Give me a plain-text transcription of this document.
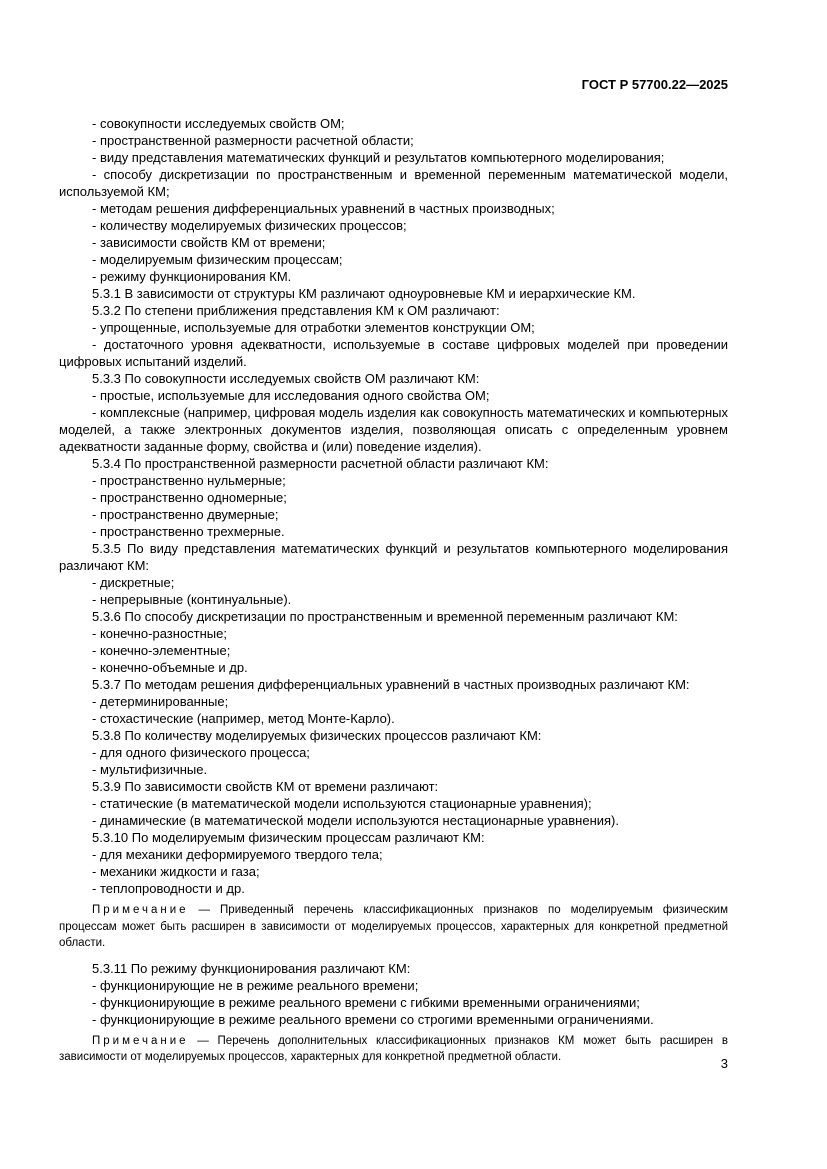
ГОСТ Р 57700.22—2025

- совокупности исследуемых свойств ОМ;

- пространственной размерности расчетной области;

- виду представления математических функций и результатов компьютерного моделирования;

- способу дискретизации по пространственным и временной переменным математической модели, используемой КМ;

- методам решения дифференциальных уравнений в частных производных;

- количеству моделируемых физических процессов;

- зависимости свойств КМ от времени;

- моделируемым физическим процессам;

- режиму функционирования КМ.

5.3.1 В зависимости от структуры КМ различают одноуровневые КМ и иерархические КМ.

5.3.2 По степени приближения представления КМ к ОМ различают:

- упрощенные, используемые для отработки элементов конструкции ОМ;

- достаточного уровня адекватности, используемые в составе цифровых моделей при проведении цифровых испытаний изделий.

5.3.3 По совокупности исследуемых свойств ОМ различают КМ:

- простые, используемые для исследования одного свойства ОМ;

- комплексные (например, цифровая модель изделия как совокупность математических и компьютерных моделей, а также электронных документов изделия, позволяющая описать с определенным уровнем адекватности заданные форму, свойства и (или) поведение изделия).

5.3.4 По пространственной размерности расчетной области различают КМ:

- пространственно нульмерные;

- пространственно одномерные;

- пространственно двумерные;

- пространственно трехмерные.

5.3.5 По виду представления математических функций и результатов компьютерного моделирования различают КМ:

- дискретные;

- непрерывные (континуальные).

5.3.6 По способу дискретизации по пространственным и временной переменным различают КМ:

- конечно-разностные;

- конечно-элементные;

- конечно-объемные и др.

5.3.7 По методам решения дифференциальных уравнений в частных производных различают КМ:

- детерминированные;

- стохастические (например, метод Монте-Карло).

5.3.8 По количеству моделируемых физических процессов различают КМ:

- для одного физического процесса;

- мультифизичные.

5.3.9 По зависимости свойств КМ от времени различают:

- статические (в математической модели используются стационарные уравнения);

- динамические (в математической модели используются нестационарные уравнения).

5.3.10 По моделируемым физическим процессам различают КМ:

- для механики деформируемого твердого тела;

- механики жидкости и газа;

- теплопроводности и др.

Примечание — Приведенный перечень классификационных признаков по моделируемым физическим процессам может быть расширен в зависимости от моделируемых процессов, характерных для конкретной предметной области.

5.3.11 По режиму функционирования различают КМ:

- функционирующие не в режиме реального времени;

- функционирующие в режиме реального времени с гибкими временными ограничениями;

- функционирующие в режиме реального времени со строгими временными ограничениями.

Примечание — Перечень дополнительных классификационных признаков КМ может быть расширен в зависимости от моделируемых процессов, характерных для конкретной предметной области.	3
